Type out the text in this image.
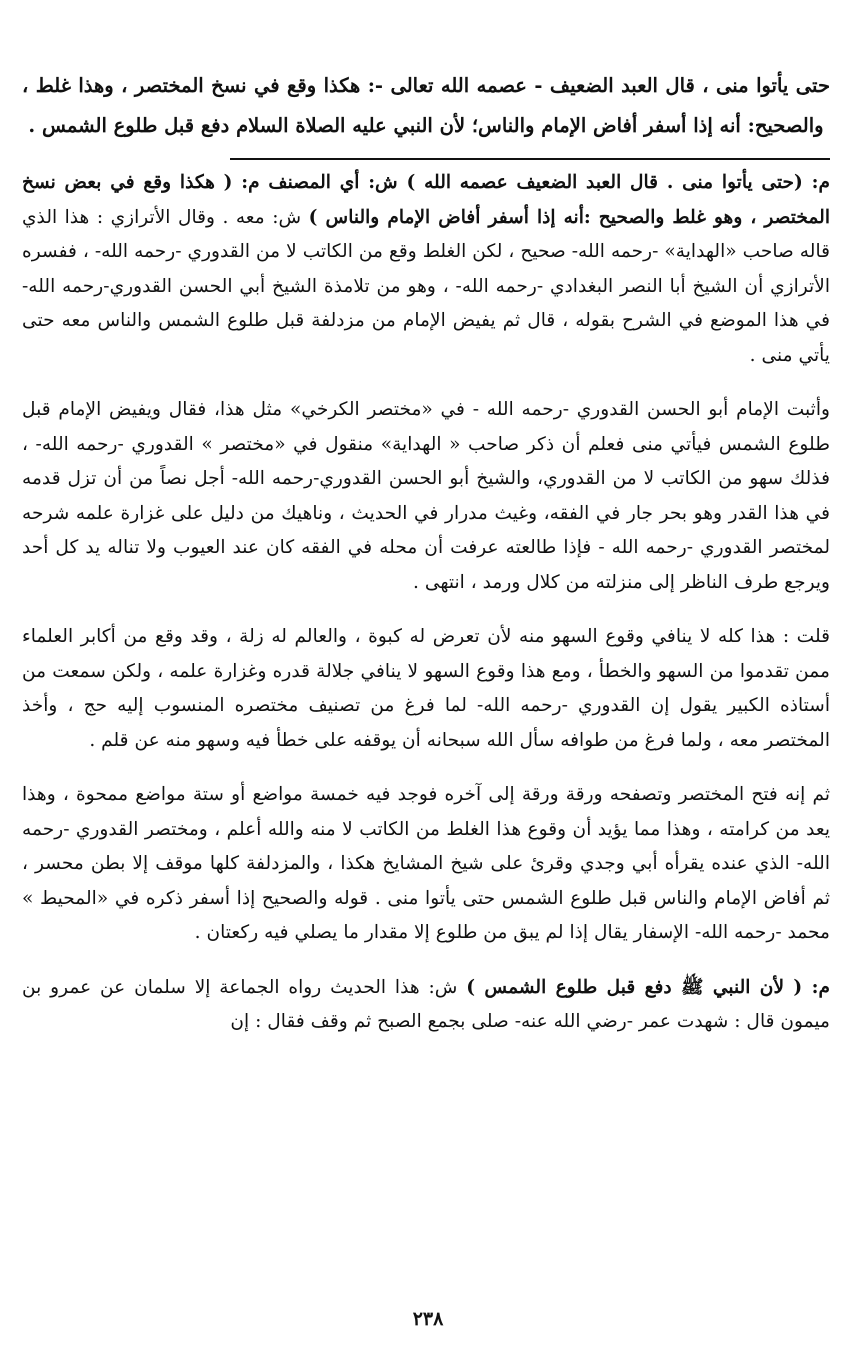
حتى يأتوا منى ، قال العبد الضعيف - عصمه الله تعالى -: هكذا وقع في نسخ المختصر ، وهذا غلط ، والصحيح: أنه إذا أسفر أفاض الإمام والناس؛ لأن النبي عليه الصلاة السلام دفع قبل طلوع الشمس .

م: (حتى يأتوا منى . قال العبد الضعيف عصمه الله ) ش: أي المصنف م: ( هكذا وقع في بعض نسخ المختصر ، وهو غلط والصحيح :أنه إذا أسفر أفاض الإمام والناس ) ش: معه . وقال الأترازي : هذا الذي قاله صاحب «الهداية» -رحمه الله- صحيح ، لكن الغلط وقع من الكاتب لا من القدوري -رحمه الله- ، ففسره الأترازي أن الشيخ أبا النصر البغدادي -رحمه الله- ، وهو من تلامذة الشيخ أبي الحسن القدوري-رحمه الله- في هذا الموضع في الشرح بقوله ، قال ثم يفيض الإمام من مزدلفة قبل طلوع الشمس والناس معه حتى يأتي منى .

وأثبت الإمام أبو الحسن القدوري -رحمه الله - في «مختصر الكرخي» مثل هذا، فقال ويفيض الإمام قبل طلوع الشمس فيأتي منى فعلم أن ذكر صاحب « الهداية» منقول في «مختصر » القدوري -رحمه الله- ، فذلك سهو من الكاتب لا من القدوري، والشيخ أبو الحسن القدوري-رحمه الله- أجل نصاً من أن تزل قدمه في هذا القدر وهو بحر جار في الفقه، وغيث مدرار في الحديث ، وناهيك من دليل على غزارة علمه شرحه لمختصر القدوري -رحمه الله - فإذا طالعته عرفت أن محله في الفقه كان عند العيوب ولا تناله يد كل أحد ويرجع طرف الناظر إلى منزلته من كلال ورمد ، انتهى .

قلت : هذا كله لا ينافي وقوع السهو منه لأن تعرض له كبوة ، والعالم له زلة ، وقد وقع من أكابر العلماء ممن تقدموا من السهو والخطأ ، ومع هذا وقوع السهو لا ينافي جلالة قدره وغزارة علمه ، ولكن سمعت من أستاذه الكبير يقول إن القدوري -رحمه الله- لما فرغ من تصنيف مختصره المنسوب إليه حج ، وأخذ المختصر معه ، ولما فرغ من طوافه سأل الله سبحانه أن يوقفه على خطأ فيه وسهو منه عن قلم .

ثم إنه فتح المختصر وتصفحه ورقة ورقة إلى آخره فوجد فيه خمسة مواضع أو ستة مواضع ممحوة ، وهذا يعد من كرامته ، وهذا مما يؤيد أن وقوع هذا الغلط من الكاتب لا منه والله أعلم ، ومختصر القدوري -رحمه الله- الذي عنده يقرأه أبي وجدي وقرئ على شيخ المشايخ هكذا ، والمزدلفة كلها موقف إلا بطن محسر ، ثم أفاض الإمام والناس قبل طلوع الشمس حتى يأتوا منى . قوله والصحيح إذا أسفر ذكره في «المحيط » محمد -رحمه الله- الإسفار يقال إذا لم يبق من طلوع إلا مقدار ما يصلي فيه ركعتان .

م: ( لأن النبي ﷺ دفع قبل طلوع الشمس ) ش: هذا الحديث رواه الجماعة إلا سلمان عن عمرو بن ميمون قال : شهدت عمر -رضي الله عنه- صلى بجمع الصبح ثم وقف فقال : إن

٢٣٨
